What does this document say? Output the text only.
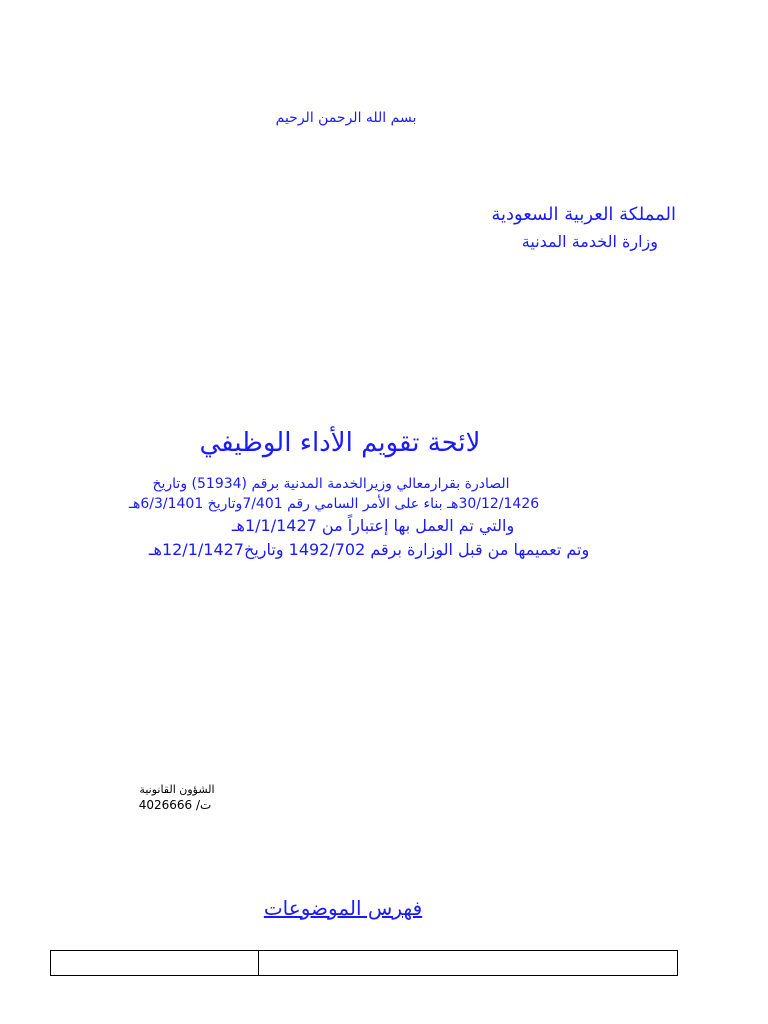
بسم الله الرحمن الرحيم
المملكة العربية السعودية
وزارة الخدمة المدنية
لائحة تقويم الأداء الوظيفي
الصادرة بقرارمعالي وزيرالخدمة المدنية برقم (51934) وتاريخ
30/12/1426هـ بناء على الأمر السامي رقم 7/401وتاريخ 6/3/1401هـ
والتي تم العمل بها إعتباراً من 1/1/1427هـ
وتم تعميمها من قبل الوزارة برقم 1492/702 وتاريخ12/1/1427هـ
الشؤون القانونية
ت/ 4026666
فهرس الموضوعات
